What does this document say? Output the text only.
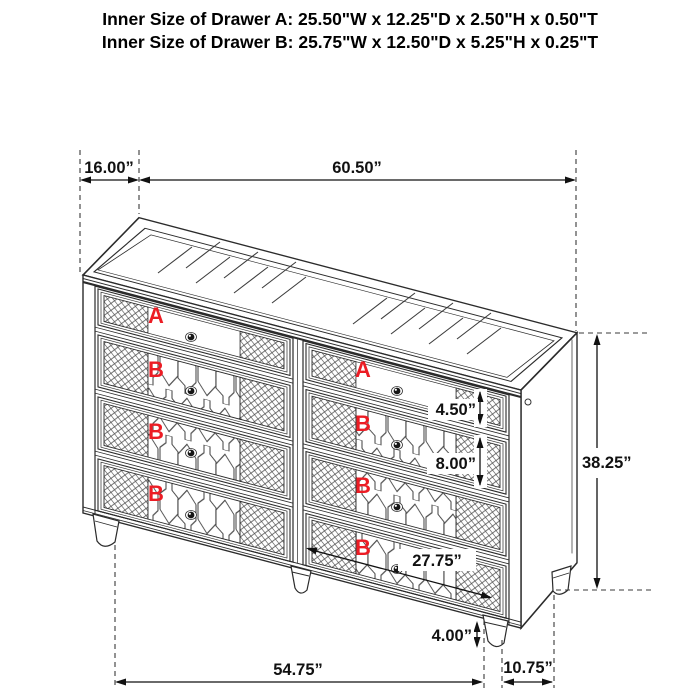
Inner Size of Drawer A: 25.50"W x 12.25"D x 2.50"H x 0.50"T
Inner Size of Drawer B: 25.75"W x 12.50"D x 5.25"H x 0.25"T
A
B
B
B
A
B
B
B
16.00”	60.50”
38.25”
4.50”
8.00”
27.75”
4.00”
54.75”	10.75”
